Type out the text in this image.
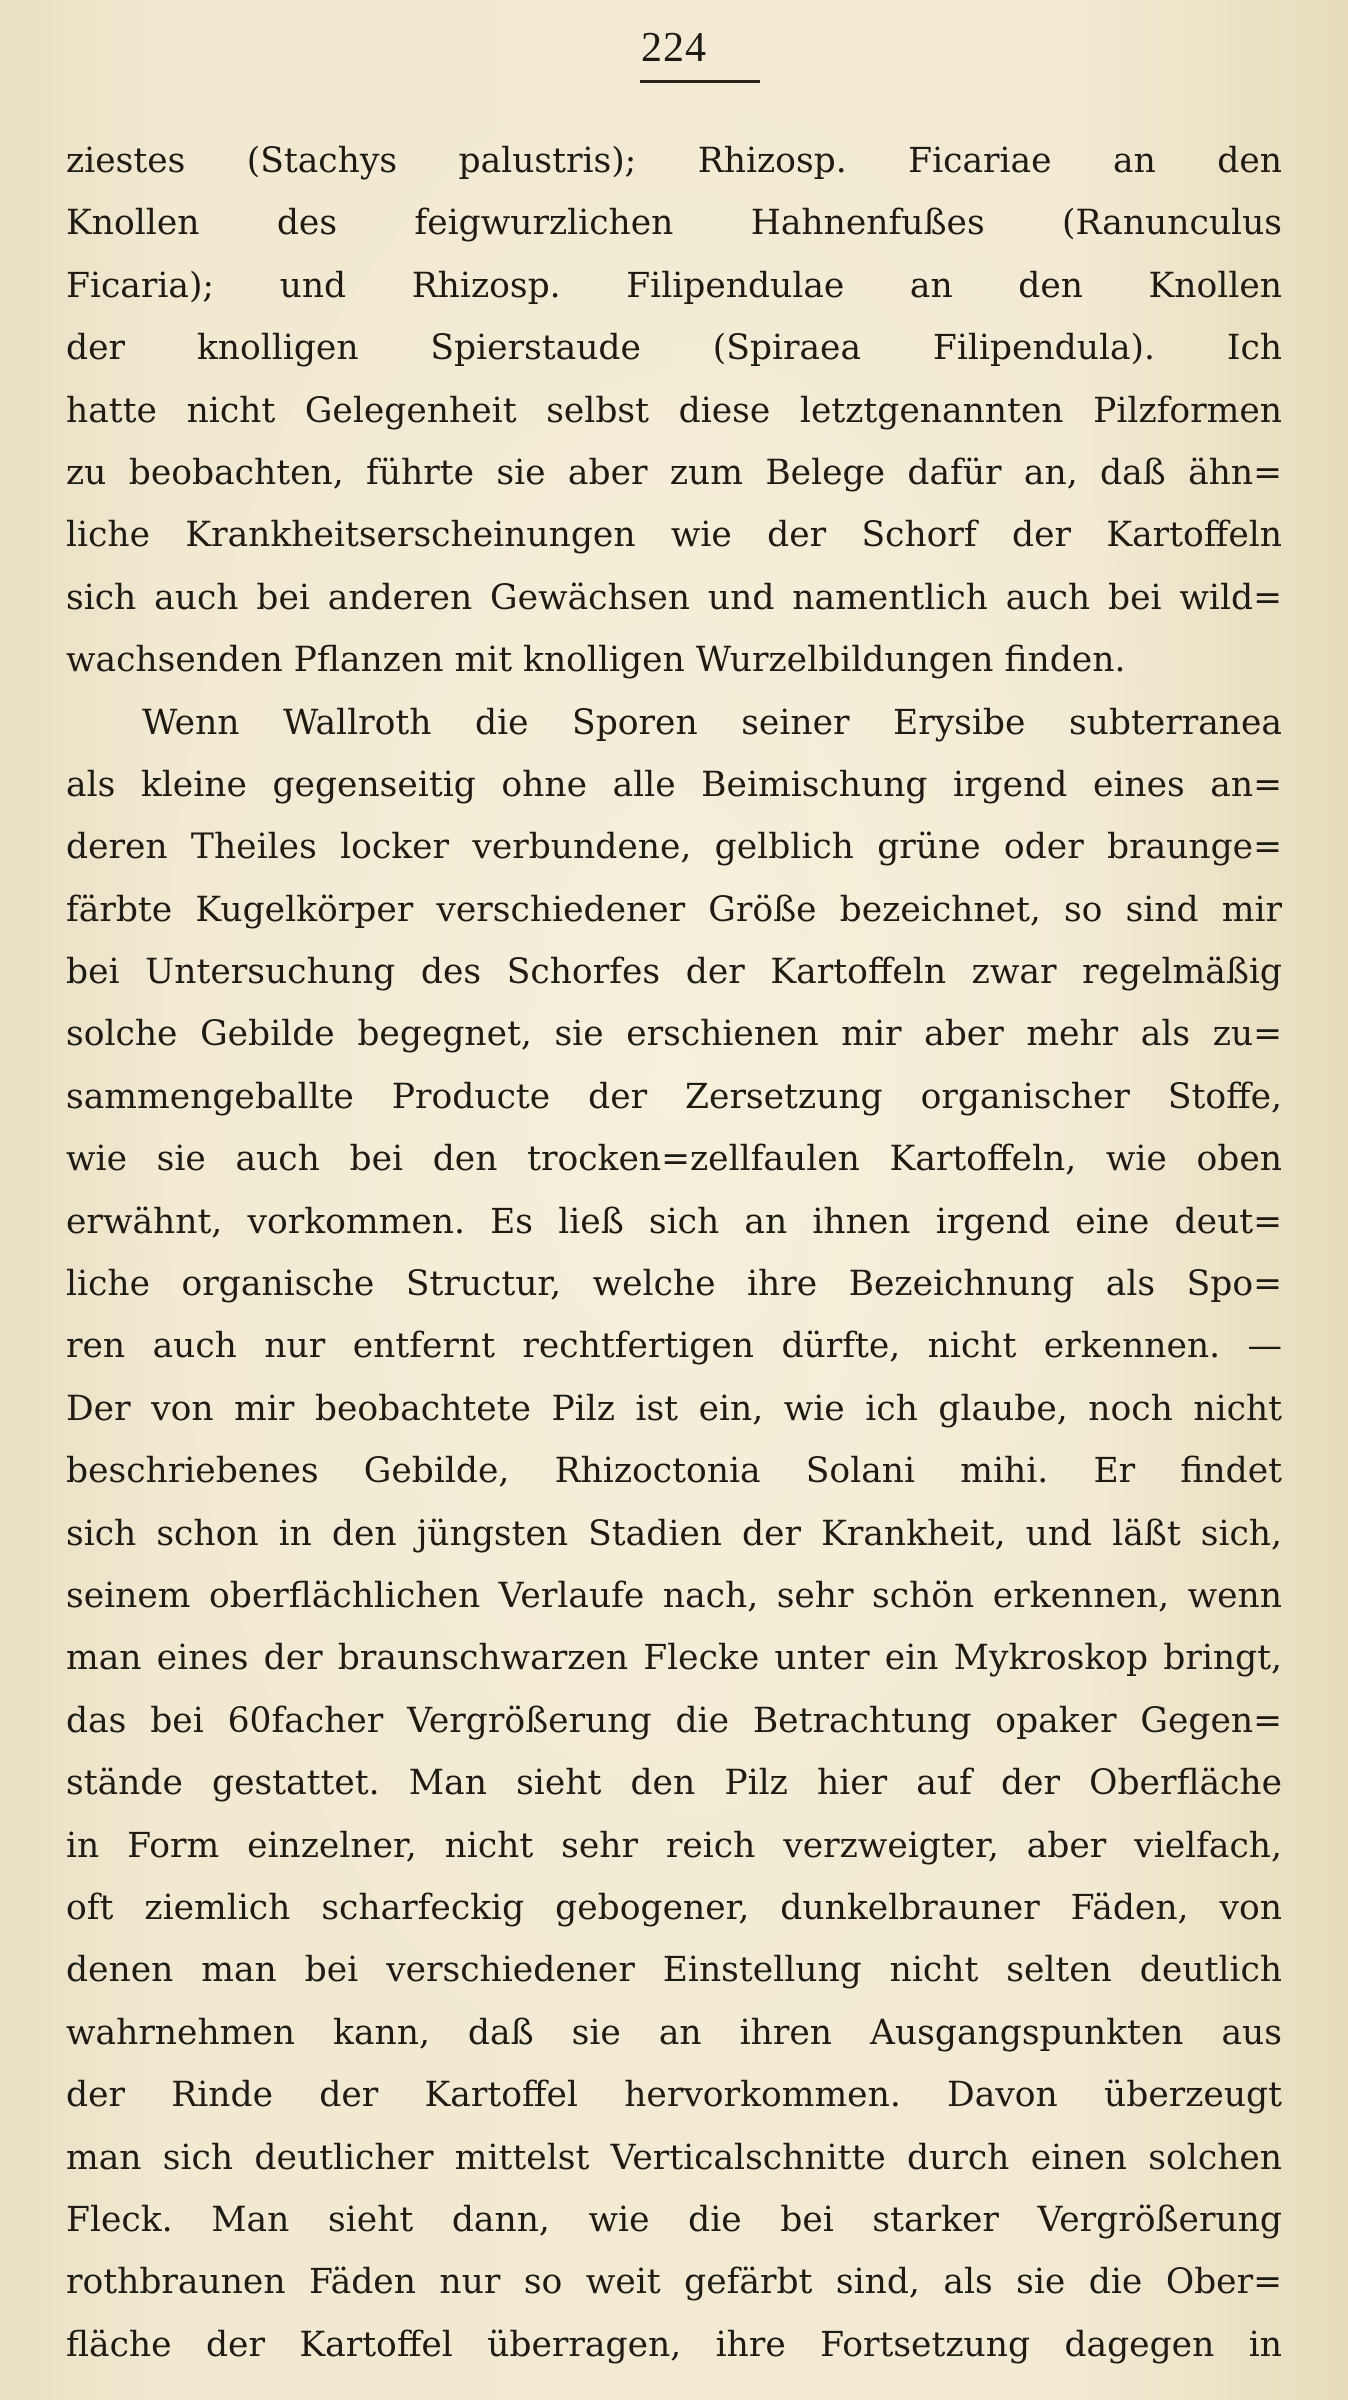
224
ziestes (Stachys palustris); Rhizosp. Ficariae an den
Knollen des feigwurzlichen Hahnenfußes (Ranunculus
Ficaria); und Rhizosp. Filipendulae an den Knollen
der knolligen Spierstaude (Spiraea Filipendula). Ich
hatte nicht Gelegenheit selbst diese letztgenannten Pilzformen
zu beobachten, führte sie aber zum Belege dafür an, daß ähn=
liche Krankheitserscheinungen wie der Schorf der Kartoffeln
sich auch bei anderen Gewächsen und namentlich auch bei wild=
wachsenden Pflanzen mit knolligen Wurzelbildungen finden.
Wenn Wallroth die Sporen seiner Erysibe subterranea
als kleine gegenseitig ohne alle Beimischung irgend eines an=
deren Theiles locker verbundene, gelblich grüne oder braunge=
färbte Kugelkörper verschiedener Größe bezeichnet, so sind mir
bei Untersuchung des Schorfes der Kartoffeln zwar regelmäßig
solche Gebilde begegnet, sie erschienen mir aber mehr als zu=
sammengeballte Producte der Zersetzung organischer Stoffe,
wie sie auch bei den trocken=zellfaulen Kartoffeln, wie oben
erwähnt, vorkommen. Es ließ sich an ihnen irgend eine deut=
liche organische Structur, welche ihre Bezeichnung als Spo=
ren auch nur entfernt rechtfertigen dürfte, nicht erkennen. —
Der von mir beobachtete Pilz ist ein, wie ich glaube, noch nicht
beschriebenes Gebilde, Rhizoctonia Solani mihi. Er findet
sich schon in den jüngsten Stadien der Krankheit, und läßt sich,
seinem oberflächlichen Verlaufe nach, sehr schön erkennen, wenn
man eines der braunschwarzen Flecke unter ein Mykroskop bringt,
das bei 60facher Vergrößerung die Betrachtung opaker Gegen=
stände gestattet. Man sieht den Pilz hier auf der Oberfläche
in Form einzelner, nicht sehr reich verzweigter, aber vielfach,
oft ziemlich scharfeckig gebogener, dunkelbrauner Fäden, von
denen man bei verschiedener Einstellung nicht selten deutlich
wahrnehmen kann, daß sie an ihren Ausgangspunkten aus
der Rinde der Kartoffel hervorkommen. Davon überzeugt
man sich deutlicher mittelst Verticalschnitte durch einen solchen
Fleck. Man sieht dann, wie die bei starker Vergrößerung
rothbraunen Fäden nur so weit gefärbt sind, als sie die Ober=
fläche der Kartoffel überragen, ihre Fortsetzung dagegen in
